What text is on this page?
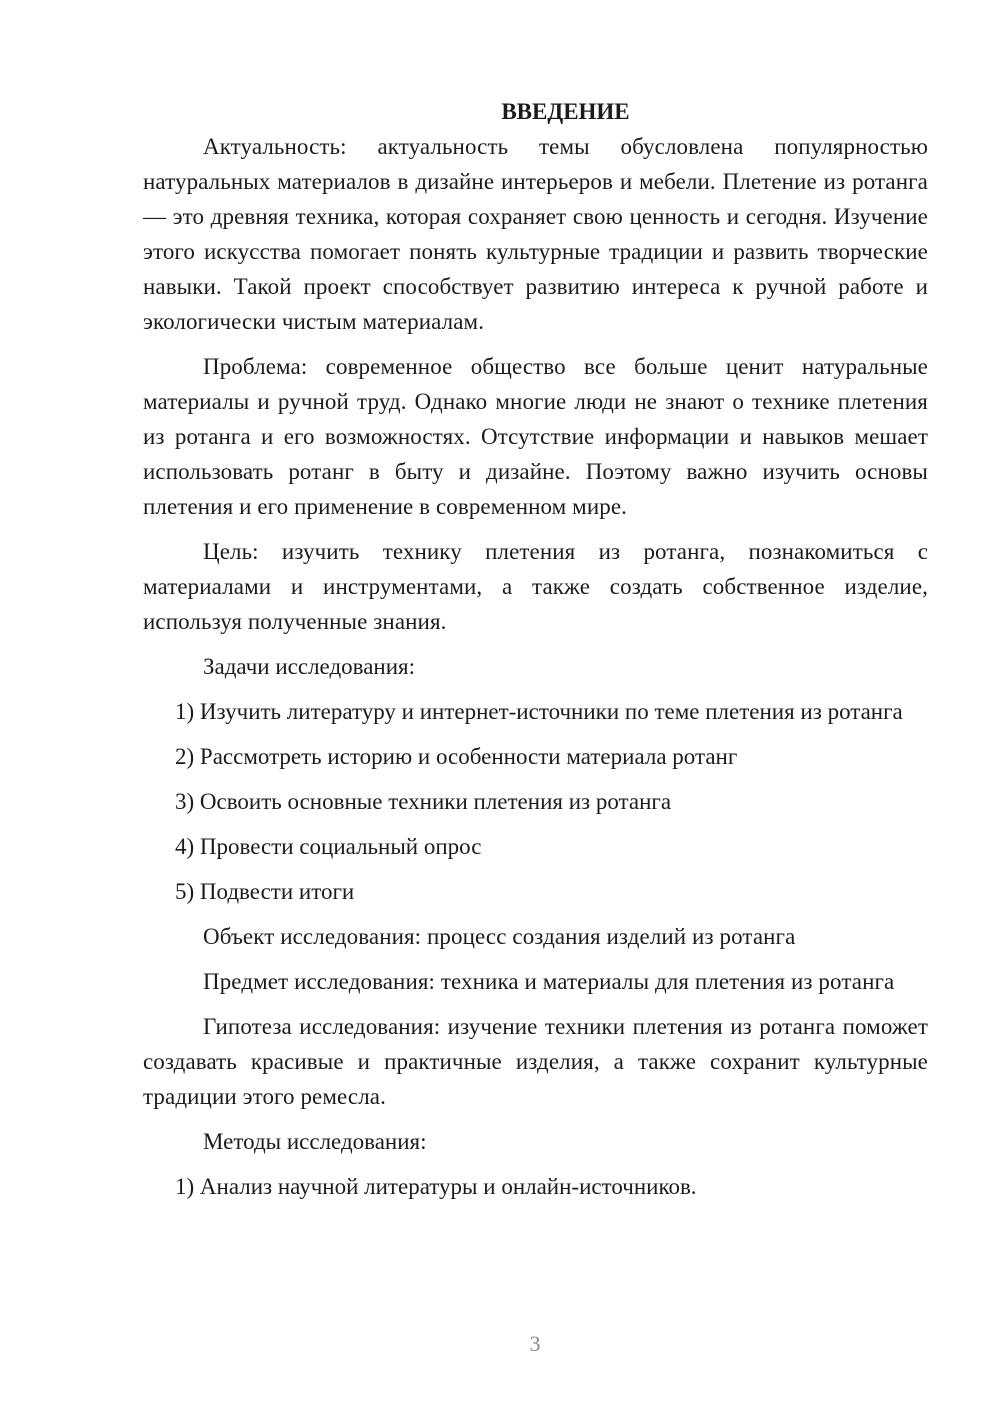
ВВЕДЕНИЕ

Актуальность: актуальность темы обусловлена популярностью натуральных материалов в дизайне интерьеров и мебели. Плетение из ротанга — это древняя техника, которая сохраняет свою ценность и сегодня. Изучение этого искусства помогает понять культурные традиции и развить творческие навыки. Такой проект способствует развитию интереса к ручной работе и экологически чистым материалам.

Проблема: современное общество все больше ценит натуральные материалы и ручной труд. Однако многие люди не знают о технике плетения из ротанга и его возможностях. Отсутствие информации и навыков мешает использовать ротанг в быту и дизайне. Поэтому важно изучить основы плетения и его применение в современном мире.

Цель: изучить технику плетения из ротанга, познакомиться с материалами и инструментами, а также создать собственное изделие, используя полученные знания.

Задачи исследования:

1) Изучить литературу и интернет-источники по теме плетения из ротанга

2) Рассмотреть историю и особенности материала ротанг

3) Освоить основные техники плетения из ротанга

4) Провести социальный опрос

5) Подвести итоги

Объект исследования: процесс создания изделий из ротанга

Предмет исследования: техника и материалы для плетения из ротанга

Гипотеза исследования: изучение техники плетения из ротанга поможет создавать красивые и практичные изделия, а также сохранит культурные традиции этого ремесла.

Методы исследования:

1) Анализ научной литературы и онлайн-источников.

3
